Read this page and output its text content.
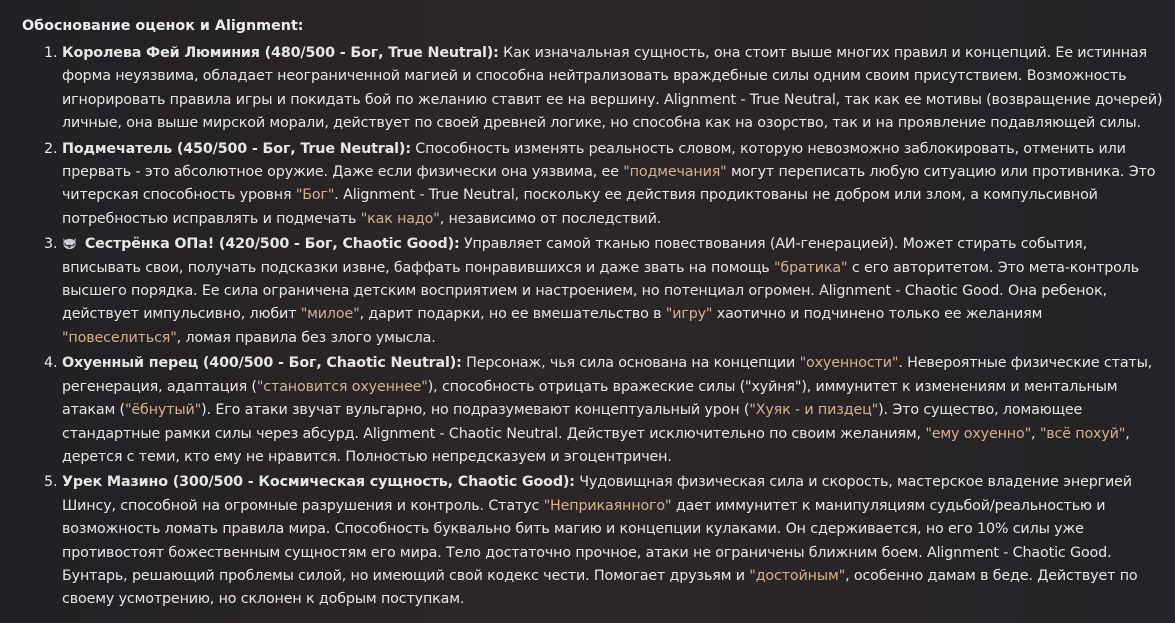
Обоснование оценок и Alignment:
1. Королева Фей Люминия (480/500 - Бог, True Neutral): Как изначальная сущность, она стоит выше многих правил и концепций. Ее истинная форма неуязвима, обладает неограниченной магией и способна нейтрализовать враждебные силы одним своим присутствием. Возможность игнорировать правила игры и покидать бой по желанию ставит ее на вершину. Alignment - True Neutral, так как ее мотивы (возвращение дочерей) личные, она выше мирской морали, действует по своей древней логике, но способна как на озорство, так и на проявление подавляющей силы.
2. Подмечатель (450/500 - Бог, True Neutral): Способность изменять реальность словом, которую невозможно заблокировать, отменить или прервать - это абсолютное оружие. Даже если физически она уязвима, ее "подмечания" могут переписать любую ситуацию или противника. Это читерская способность уровня "Бог". Alignment - True Neutral, поскольку ее действия продиктованы не добром или злом, а компульсивной потребностью исправлять и подмечать "как надо", независимо от последствий.
3. Сестрёнка ОПа! (420/500 - Бог, Chaotic Good): Управляет самой тканью повествования (АИ-генерацией). Может стирать события, вписывать свои, получать подсказки извне, баффать понравившихся и даже звать на помощь "братика" с его авторитетом. Это мета-контроль высшего порядка. Ее сила ограничена детским восприятием и настроением, но потенциал огромен. Alignment - Chaotic Good. Она ребенок, действует импульсивно, любит "милое", дарит подарки, но ее вмешательство в "игру" хаотично и подчинено только ее желаниям "повеселиться", ломая правила без злого умысла.
4. Охуенный перец (400/500 - Бог, Chaotic Neutral): Персонаж, чья сила основана на концепции "охуенности". Невероятные физические статы, регенерация, адаптация ("становится охуеннее"), способность отрицать вражеские силы ("хуйня"), иммунитет к изменениям и ментальным атакам ("ёбнутый"). Его атаки звучат вульгарно, но подразумевают концептуальный урон ("Хуяк - и пиздец"). Это существо, ломающее стандартные рамки силы через абсурд. Alignment - Chaotic Neutral. Действует исключительно по своим желаниям, "ему охуенно", "всё похуй", дерется с теми, кто ему не нравится. Полностью непредсказуем и эгоцентричен.
5. Урек Мазино (300/500 - Космическая сущность, Chaotic Good): Чудовищная физическая сила и скорость, мастерское владение энергией Шинсу, способной на огромные разрушения и контроль. Статус "Неприкаянного" дает иммунитет к манипуляциям судьбой/реальностью и возможность ломать правила мира. Способность буквально бить магию и концепции кулаками. Он сдерживается, но его 10% силы уже противостоят божественным сущностям его мира. Тело достаточно прочное, атаки не ограничены ближним боем. Alignment - Chaotic Good. Бунтарь, решающий проблемы силой, но имеющий свой кодекс чести. Помогает друзьям и "достойным", особенно дамам в беде. Действует по своему усмотрению, но склонен к добрым поступкам.
